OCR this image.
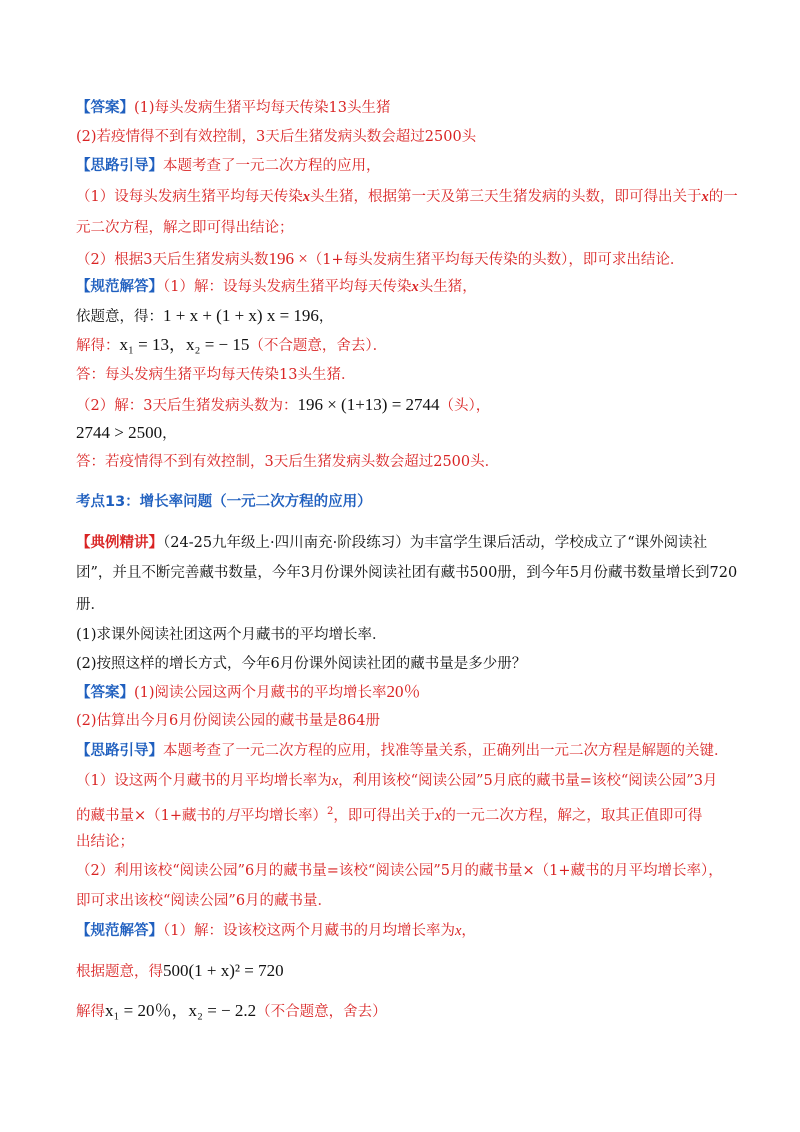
【答案】(1)每头发病生猪平均每天传染13头生猪
(2)若疫情得不到有效控制，3天后生猪发病头数会超过2500头
【思路引导】本题考查了一元二次方程的应用，
（1）设每头发病生猪平均每天传染x头生猪，根据第一天及第三天生猪发病的头数，即可得出关于x的一
元二次方程，解之即可得出结论；
（2）根据3天后生猪发病头数196 ×（1+每头发病生猪平均每天传染的头数），即可求出结论．
【规范解答】（1）解：设每头发病生猪平均每天传染x头生猪，
依题意，得：1 + x + (1 + x) x = 196，
解得：x₁ = 13，x₂ = − 15（不合题意，舍去）．
答：每头发病生猪平均每天传染13头生猪．
（2）解：3天后生猪发病头数为：196 × (1+13) = 2744（头），
2744 > 2500，
答：若疫情得不到有效控制，3天后生猪发病头数会超过2500头．
考点13：增长率问题（一元二次方程的应用）
【典例精讲】（24-25九年级上·四川南充·阶段练习）为丰富学生课后活动，学校成立了“课外阅读社
团”，并且不断完善藏书数量，今年3月份课外阅读社团有藏书500册，到今年5月份藏书数量增长到720
册．
(1)求课外阅读社团这两个月藏书的平均增长率．
(2)按照这样的增长方式，今年6月份课外阅读社团的藏书量是多少册？
【答案】(1)阅读公园这两个月藏书的平均增长率20％
(2)估算出今月6月份阅读公园的藏书量是864册
【思路引导】本题考查了一元二次方程的应用，找准等量关系，正确列出一元二次方程是解题的关键．
（1）设这两个月藏书的月平均增长率为x，利用该校“阅读公园”5月底的藏书量=该校“阅读公园”3月
的藏书量×（1+藏书的月平均增长率）$^2$，即可得出关于x的一元二次方程，解之，取其正值即可得
出结论；
（2）利用该校“阅读公园”6月的藏书量=该校“阅读公园”5月的藏书量×（1+藏书的月平均增长率），
即可求出该校“阅读公园”6月的藏书量．
【规范解答】（1）解：设该校这两个月藏书的月均增长率为x，
根据题意，得500(1 + x)² = 720
解得x₁ = 20％，x₂ = − 2.2（不合题意，舍去）
